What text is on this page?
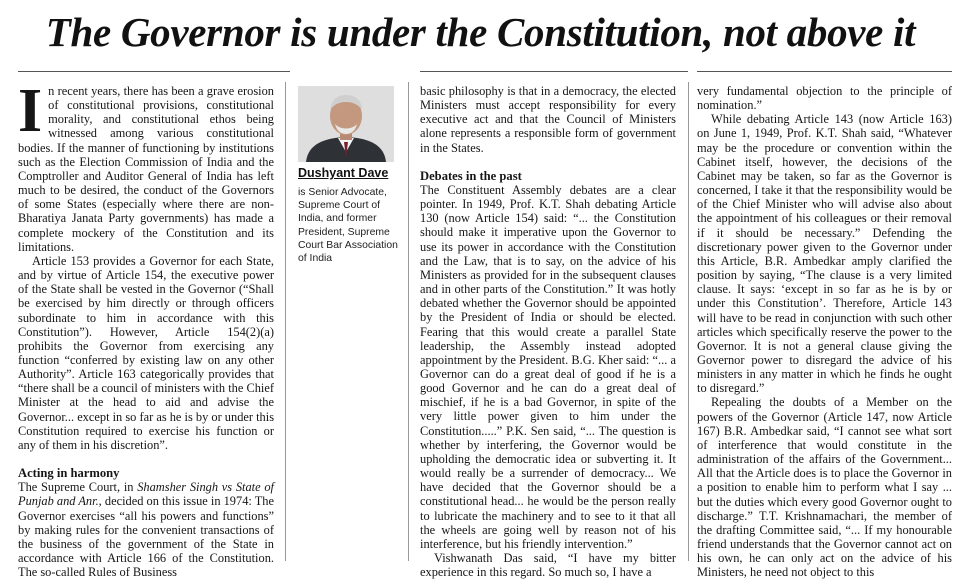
The Governor is under the Constitution, not above it
I n recent years, there has been a grave erosion of constitutional provisions, constitutional morality, and constitutional ethos being witnessed among various constitutional bodies. If the manner of functioning by institutions such as the Election Commission of India and the Comptroller and Auditor General of India has left much to be desired, the conduct of the Governors of some States (especially where there are non-Bharatiya Janata Party governments) has made a complete mockery of the Constitution and its limitations.

Article 153 provides a Governor for each State, and by virtue of Article 154, the executive power of the State shall be vested in the Governor (“Shall be exercised by him directly or through officers subordinate to him in accordance with this Constitution”). However, Article 154(2)(a) prohibits the Governor from exercising any function “conferred by existing law on any other Authority”. Article 163 categorically provides that “there shall be a council of ministers with the Chief Minister at the head to aid and advise the Governor... except in so far as he is by or under this Constitution required to exercise his function or any of them in his discretion”.

Acting in harmony

The Supreme Court, in Shamsher Singh vs State of Punjab and Anr., decided on this issue in 1974: The Governor exercises “all his powers and functions” by making rules for the convenient transactions of the business of the government of the State in accordance with Article 166 of the Constitution. The so-called Rules of Business

Dushyant Dave

is Senior Advocate, Supreme Court of India, and former President, Supreme Court Bar Association of India

basic philosophy is that in a democracy, the elected Ministers must accept responsibility for every executive act and that the Council of Ministers alone represents a responsible form of government in the States.

Debates in the past

The Constituent Assembly debates are a clear pointer. In 1949, Prof. K.T. Shah debating Article 130 (now Article 154) said: “... the Constitution should make it imperative upon the Governor to use its power in accordance with the Constitution and the Law, that is to say, on the advice of his Ministers as provided for in the subsequent clauses and in other parts of the Constitution.” It was hotly debated whether the Governor should be appointed by the President of India or should be elected. Fearing that this would create a parallel State leadership, the Assembly instead adopted appointment by the President. B.G. Kher said: “... a Governor can do a great deal of good if he is a good Governor and he can do a great deal of mischief, if he is a bad Governor, in spite of the very little power given to him under the Constitution.....” P.K. Sen said, “... The question is whether by interfering, the Governor would be upholding the democratic idea or subverting it. It would really be a surrender of democracy... We have decided that the Governor should be a constitutional head... he would be the person really to lubricate the machinery and to see to it that all the wheels are going well by reason not of his interference, but his friendly intervention.”

Vishwanath Das said, “I have my bitter experience in this regard. So much so, I have a

very fundamental objection to the principle of nomination.”

While debating Article 143 (now Article 163) on June 1, 1949, Prof. K.T. Shah said, “Whatever may be the procedure or convention within the Cabinet itself, however, the decisions of the Cabinet may be taken, so far as the Governor is concerned, I take it that the responsibility would be of the Chief Minister who will advise also about the appointment of his colleagues or their removal if it should be necessary.” Defending the discretionary power given to the Governor under this Article, B.R. Ambedkar amply clarified the position by saying, “The clause is a very limited clause. It says: ‘except in so far as he is by or under this Constitution’. Therefore, Article 143 will have to be read in conjunction with such other articles which specifically reserve the power to the Governor. It is not a general clause giving the Governor power to disregard the advice of his ministers in any matter in which he finds he ought to disregard.”

Repealing the doubts of a Member on the powers of the Governor (Article 147, now Article 167) B.R. Ambedkar said, “I cannot see what sort of interference that would constitute in the administration of the affairs of the Government... All that the Article does is to place the Governor in a position to enable him to perform what I say ... but the duties which every good Governor ought to discharge.” T.T. Krishnamachari, the member of the drafting Committee said, “... If my honourable friend understands that the Governor cannot act on his own, he can only act on the advice of his Ministers, he need not object to this
